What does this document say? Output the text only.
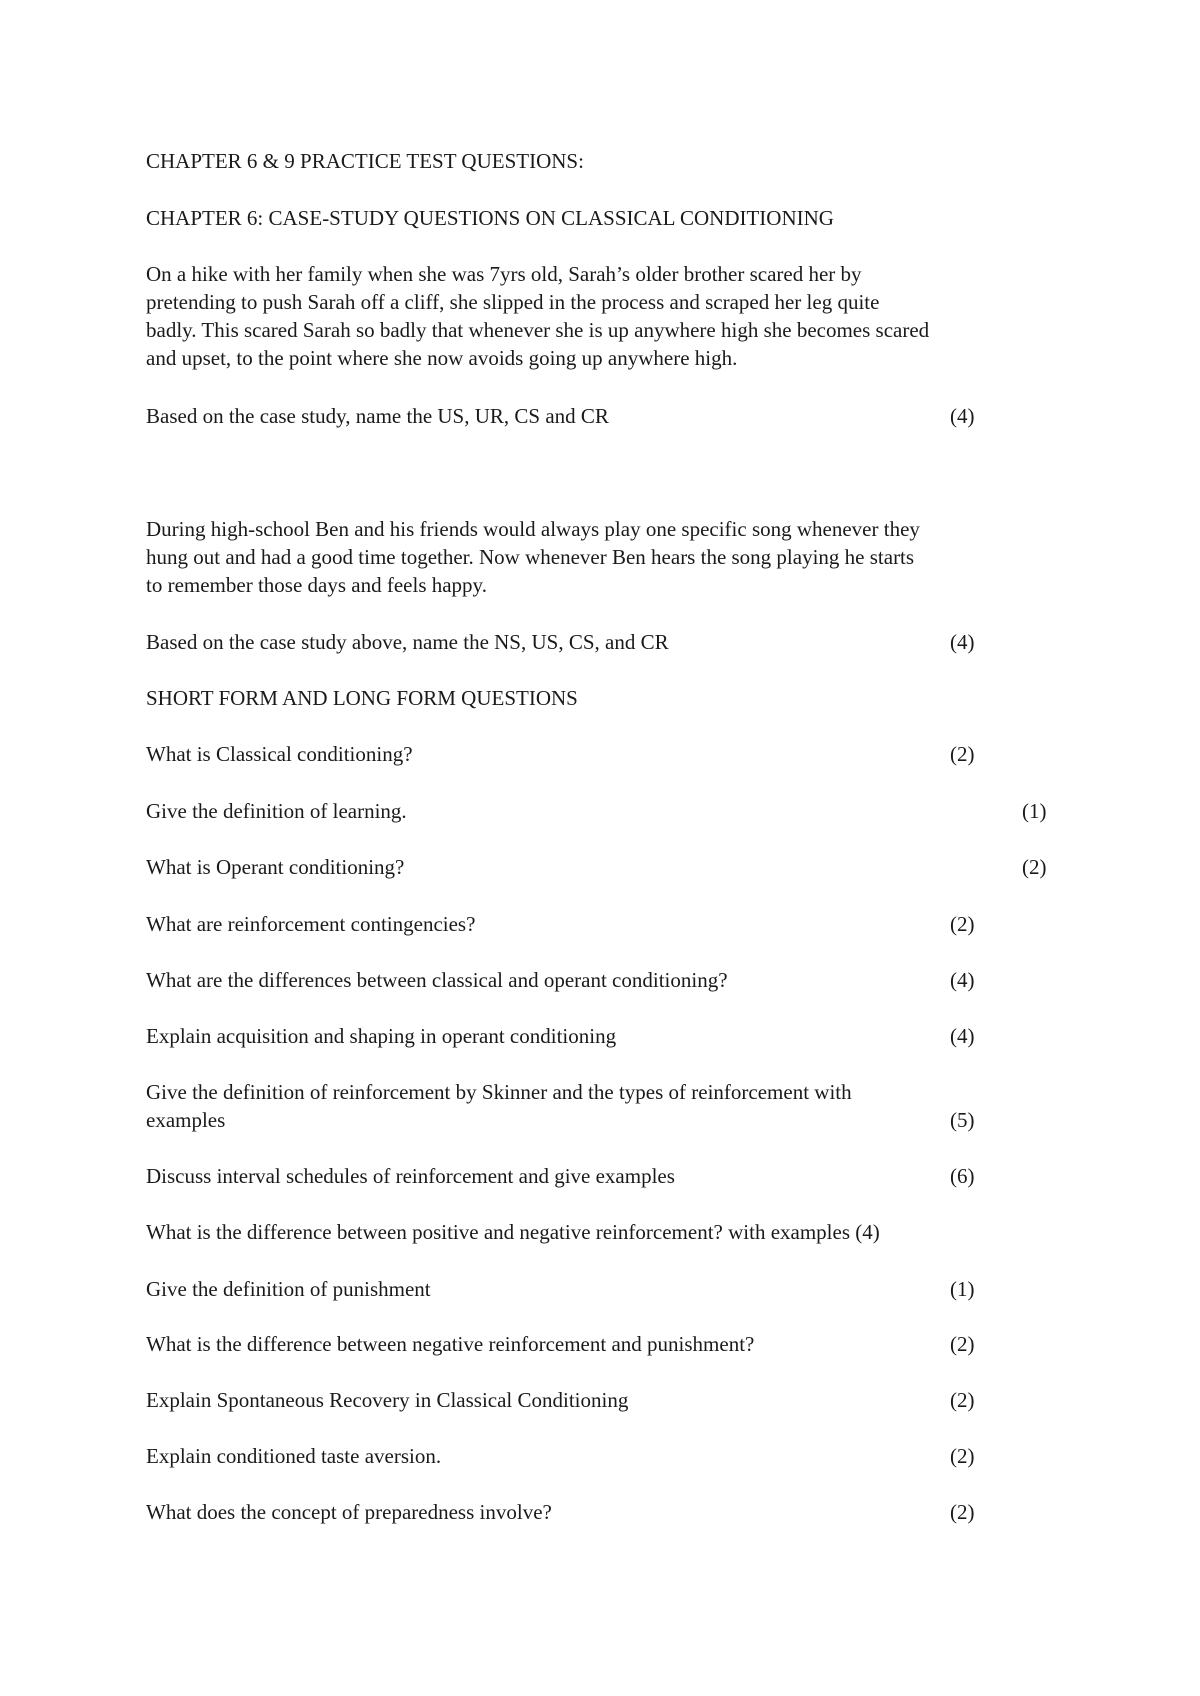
CHAPTER 6 & 9 PRACTICE TEST QUESTIONS:
CHAPTER 6: CASE-STUDY QUESTIONS ON CLASSICAL CONDITIONING
On a hike with her family when she was 7yrs old, Sarah’s older brother scared her by
pretending to push Sarah off a cliff, she slipped in the process and scraped her leg quite
badly. This scared Sarah so badly that whenever she is up anywhere high she becomes scared
and upset, to the point where she now avoids going up anywhere high.
Based on the case study, name the US, UR, CS and CR	(4)
During high-school Ben and his friends would always play one specific song whenever they
hung out and had a good time together. Now whenever Ben hears the song playing he starts
to remember those days and feels happy.
Based on the case study above, name the NS, US, CS, and CR	(4)
SHORT FORM AND LONG FORM QUESTIONS
What is Classical conditioning?	(2)
Give the definition of learning.	(1)
What is Operant conditioning?	(2)
What are reinforcement contingencies?	(2)
What are the differences between classical and operant conditioning?	(4)
Explain acquisition and shaping in operant conditioning	(4)
Give the definition of reinforcement by Skinner and the types of reinforcement with
examples	(5)
Discuss interval schedules of reinforcement and give examples	(6)
What is the difference between positive and negative reinforcement? with examples (4)
Give the definition of punishment	(1)
What is the difference between negative reinforcement and punishment?	(2)
Explain Spontaneous Recovery in Classical Conditioning	(2)
Explain conditioned taste aversion.	(2)
What does the concept of preparedness involve?	(2)
